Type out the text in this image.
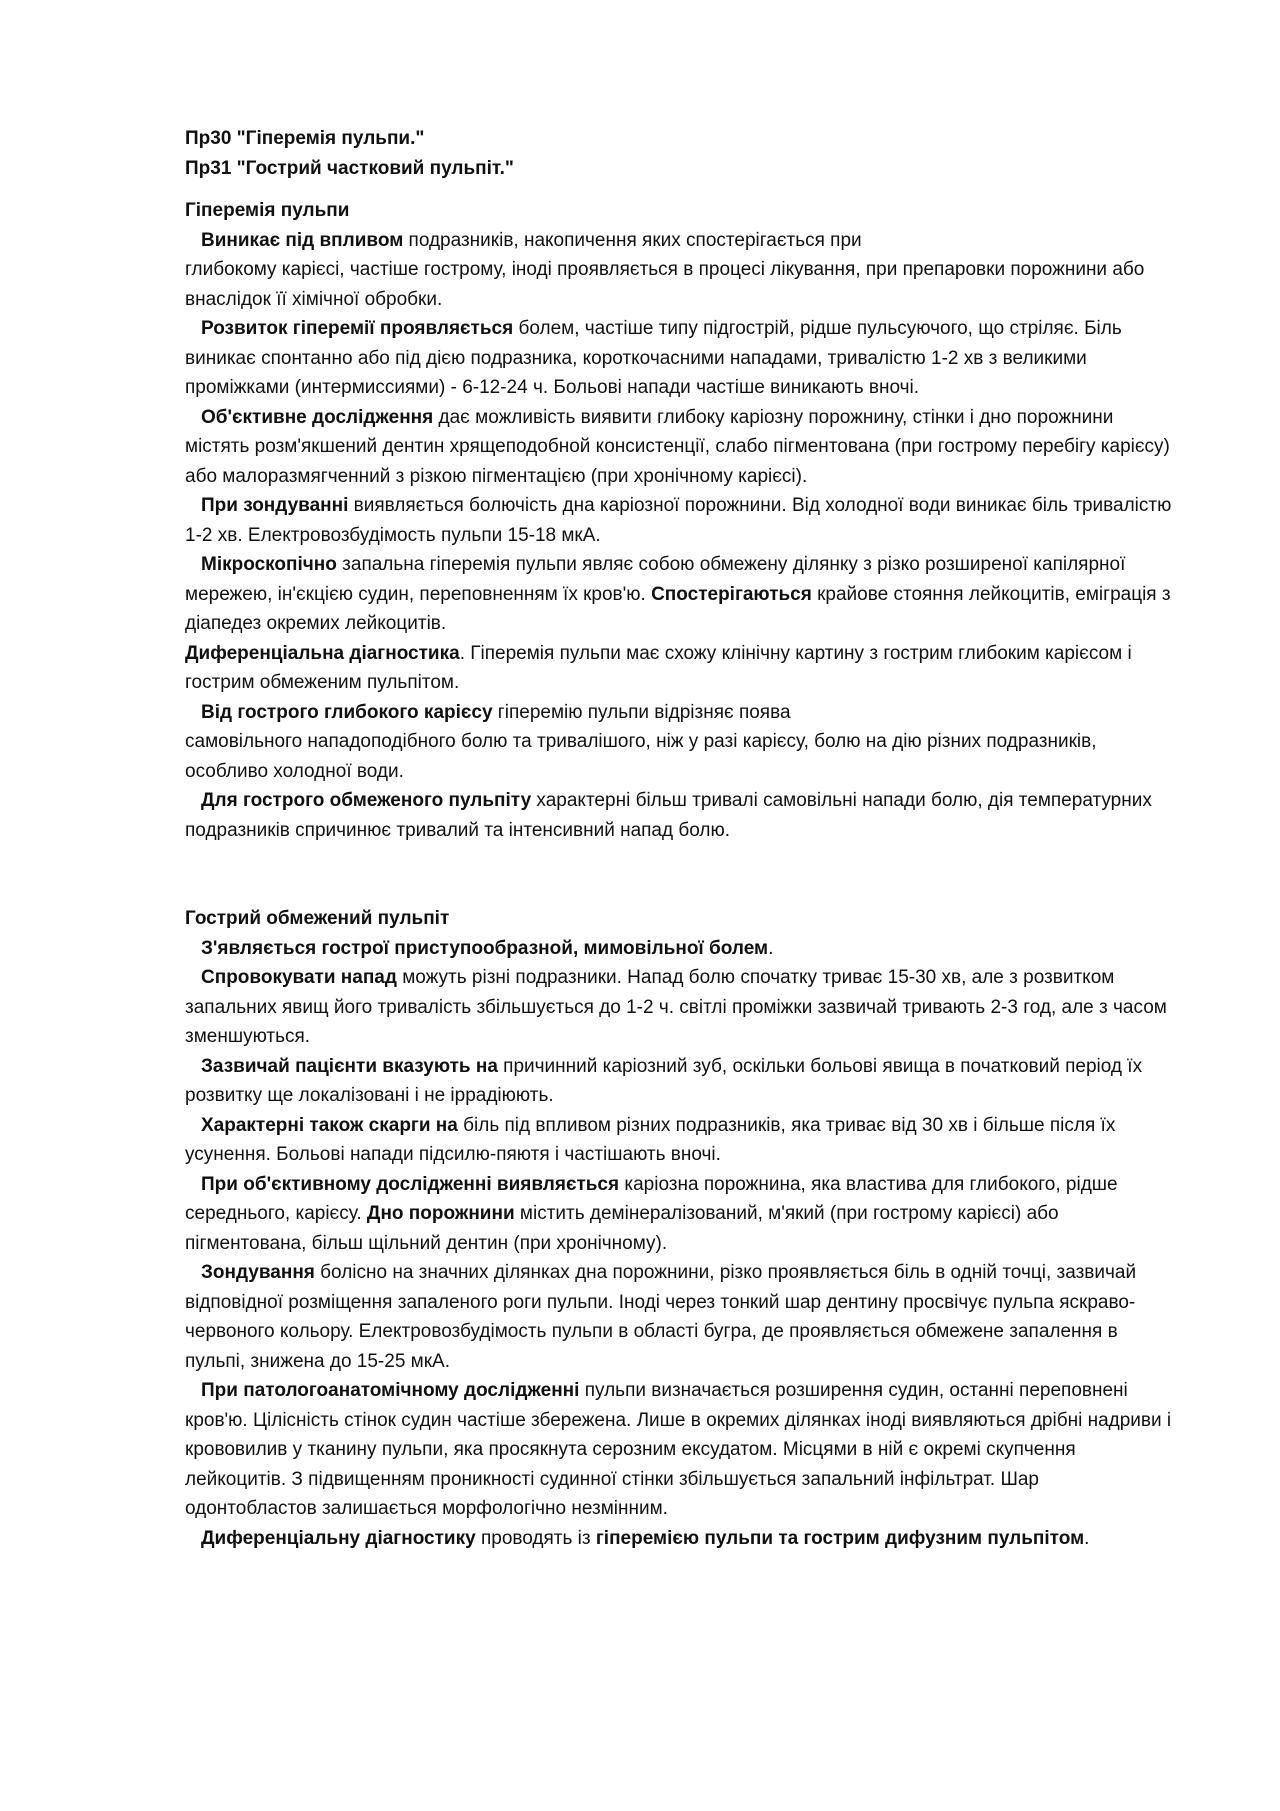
Пр30 "Гіперемія пульпи."

Пр31 "Гострий частковий пульпіт."

Гіперемія пульпи

Виникає під впливом подразників, накопичення яких спостерігається при
глибокому карієсі, частіше гострому, іноді проявляється в процесі лікування, при препаровки порожнини або внаслідок її хімічної обробки.

Розвиток гіперемії проявляється болем, частіше типу підгострій, рідше пульсуючого, що стріляє. Біль виникає спонтанно або під дією подразника, короткочасними нападами, тривалістю 1-2 хв з великими проміжками (интермиссиями) - 6-12-24 ч. Больові напади частіше виникають вночі.

Об'єктивне дослідження дає можливість виявити глибоку каріозну порожнину, стінки і дно порожнини містять розм'якшений дентин хрящеподобной консистенції, слабо пігментована (при гострому перебігу карієсу) або малоразмягченний з різкою пігментацією (при хронічному карієсі).

При зондуванні виявляється болючість дна каріозної порожнини. Від холодної води виникає біль тривалістю 1-2 хв. Електровозбудімость пульпи 15-18 мкА.

Мікроскопічно запальна гіперемія пульпи являє собою обмежену ділянку з різко розширеної капілярної мережею, ін'єкцією судин, переповненням їх кров'ю. Спостерігаються крайове стояння лейкоцитів, еміграція з діапедез окремих лейкоцитів.

Диференціальна діагностика. Гіперемія пульпи має схожу клінічну картину з гострим глибоким карієсом і гострим обмеженим пульпітом.

Від гострого глибокого карієсу гіперемію пульпи відрізняє поява
самовільного нападоподібного болю та тривалішого, ніж у разі карієсу, болю на дію різних подразників, особливо холодної води.

Для гострого обмеженого пульпіту характерні більш тривалі самовільні напади болю, дія температурних подразників спричинює тривалий та інтенсивний напад болю.

Гострий обмежений пульпіт

З'являється гострої приступообразной, мимовільної болем.

Спровокувати напад можуть різні подразники. Напад болю спочатку триває 15-30 хв, але з розвитком запальних явищ його тривалість збільшується до 1-2 ч. світлі проміжки зазвичай тривають 2-3 год, але з часом зменшуються.

Зазвичай пацієнти вказують на причинний каріозний зуб, оскільки больові явища в початковий період їх розвитку ще локалізовані і не іррадіюють.

Характерні також скарги на біль під впливом різних подразників, яка триває від 30 хв і більше після їх усунення. Больові напади підсилю-пяютя і частішають вночі.

При об'єктивному дослідженні виявляється каріозна порожнина, яка властива для глибокого, рідше середнього, карієсу. Дно порожнини містить демінералізований, м'який (при гострому карієсі) або пігментована, більш щільний дентин (при хронічному).

Зондування болісно на значних ділянках дна порожнини, різко проявляється біль в одній точці, зазвичай відповідної розміщення запаленого роги пульпи. Іноді через тонкий шар дентину просвічує пульпа яскраво-червоного кольору. Електровозбудімость пульпи в області бугра, де проявляється обмежене запалення в пульпі, знижена до 15-25 мкА.

При патологоанатомічному дослідженні пульпи визначається розширення судин, останні переповнені кров'ю. Цілісність стінок судин частіше збережена. Лише в окремих ділянках іноді виявляються дрібні надриви і крововилив у тканину пульпи, яка просякнута серозним ексудатом. Місцями в ній є окремі скупчення лейкоцитів. З підвищенням проникності судинної стінки збільшується запальний інфільтрат. Шар одонтобластов залишається морфологічно незмінним.

Диференціальну діагностику проводять із гіперемією пульпи та гострим дифузним пульпітом.
